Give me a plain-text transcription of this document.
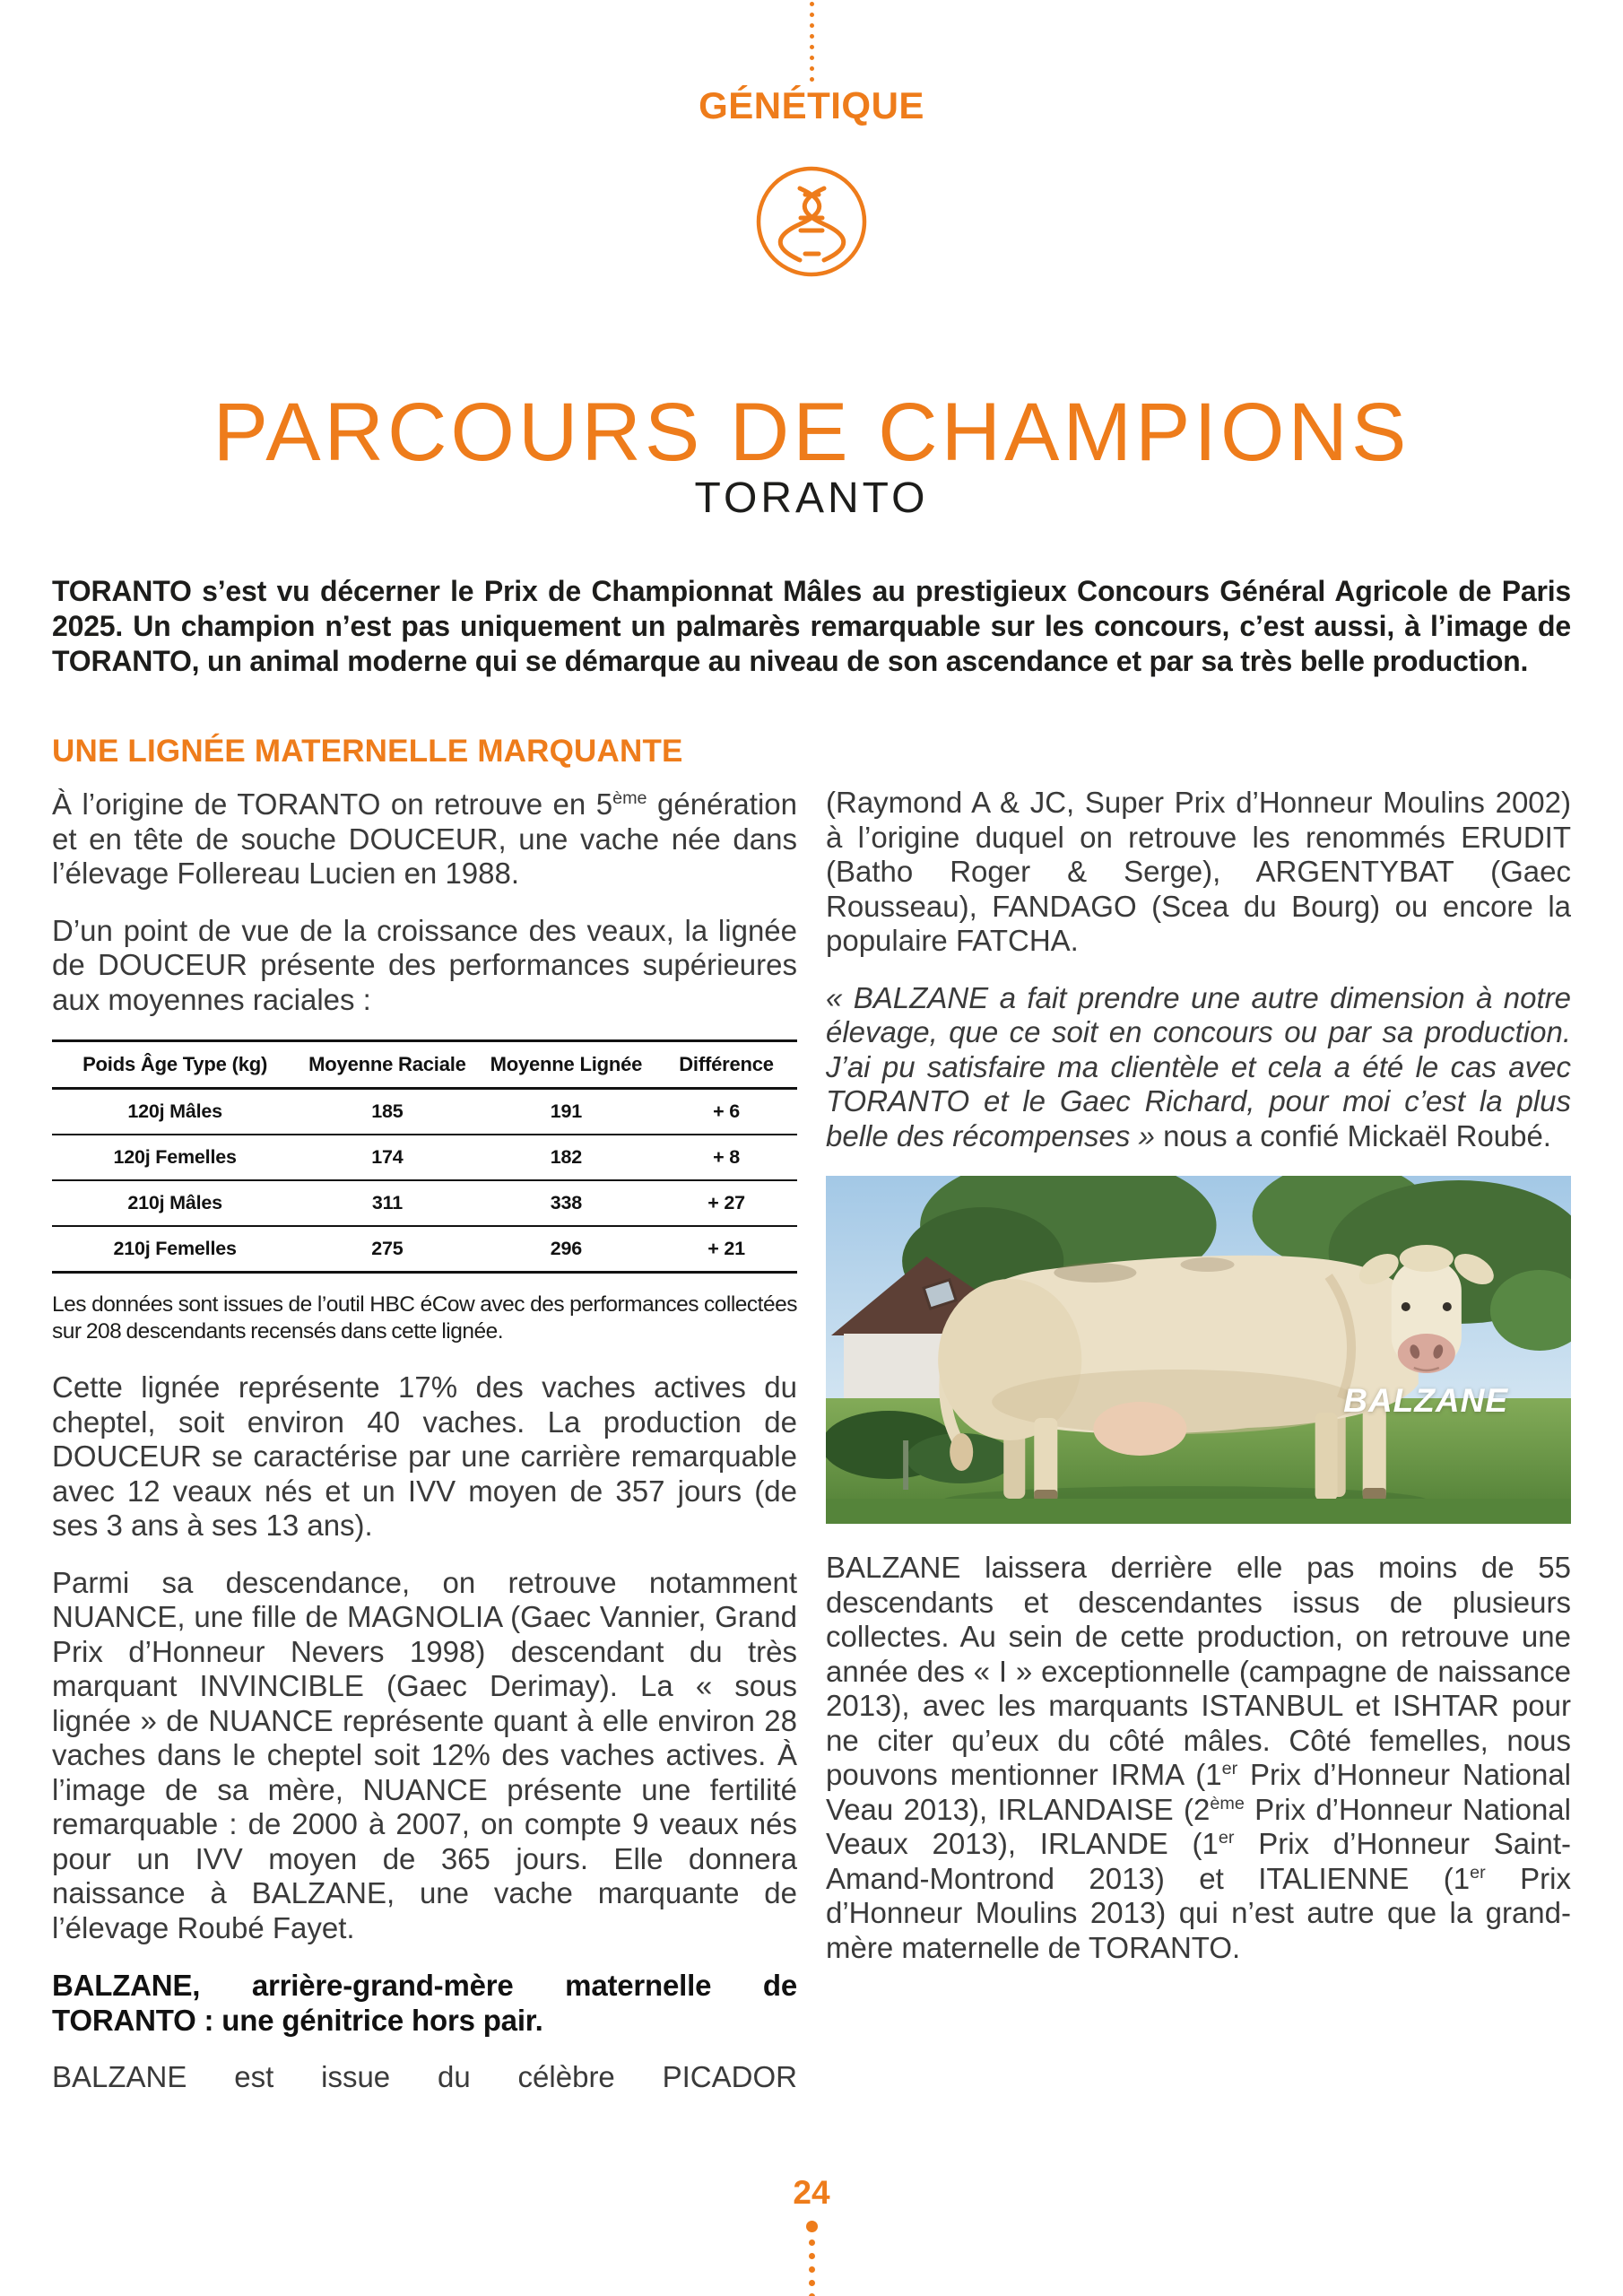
GÉNÉTIQUE
PARCOURS DE CHAMPIONS
TORANTO

TORANTO s’est vu décerner le Prix de Championnat Mâles au prestigieux Concours Général Agricole de Paris 2025. Un champion n’est pas uniquement un palmarès remarquable sur les concours, c’est aussi, à l’image de TORANTO, un animal moderne qui se démarque au niveau de son ascendance et par sa très belle production.

UNE LIGNÉE MATERNELLE MARQUANTE

À l’origine de TORANTO on retrouve en 5ème génération et en tête de souche DOUCEUR, une vache née dans l’élevage Follereau Lucien en 1988.

D’un point de vue de la croissance des veaux, la lignée de DOUCEUR présente des performances supérieures aux moyennes raciales :

Poids Âge Type (kg)	Moyenne Raciale	Moyenne Lignée	Différence
120j Mâles	185	191	+ 6
120j Femelles	174	182	+ 8
210j Mâles	311	338	+ 27
210j Femelles	275	296	+ 21

Les données sont issues de l’outil HBC éCow avec des performances collectées sur 208 descendants recensés dans cette lignée.

Cette lignée représente 17% des vaches actives du cheptel, soit environ 40 vaches. La production de DOUCEUR se caractérise par une carrière remarquable avec 12 veaux nés et un IVV moyen de 357 jours (de ses 3 ans à ses 13 ans).

Parmi sa descendance, on retrouve notamment NUANCE, une fille de MAGNOLIA (Gaec Vannier, Grand Prix d’Honneur Nevers 1998) descendant du très marquant INVINCIBLE (Gaec Derimay). La « sous lignée » de NUANCE représente quant à elle environ 28 vaches dans le cheptel soit 12% des vaches actives. À l’image de sa mère, NUANCE présente une fertilité remarquable : de 2000 à 2007, on compte 9 veaux nés pour un IVV moyen de 365 jours. Elle donnera naissance à BALZANE, une vache marquante de l’élevage Roubé Fayet.

BALZANE, arrière-grand-mère maternelle de TORANTO : une génitrice hors pair.

BALZANE est issue du célèbre PICADOR

(Raymond A & JC, Super Prix d’Honneur Moulins 2002) à l’origine duquel on retrouve les renommés ERUDIT (Batho Roger & Serge), ARGENTYBAT (Gaec Rousseau), FANDAGO (Scea du Bourg) ou encore la populaire FATCHA.

« BALZANE a fait prendre une autre dimension à notre élevage, que ce soit en concours ou par sa production. J’ai pu satisfaire ma clientèle et cela a été le cas avec TORANTO et le Gaec Richard, pour moi c’est la plus belle des récompenses » nous a confié Mickaël Roubé.

BALZANE

BALZANE laissera derrière elle pas moins de 55 descendants et descendantes issus de plusieurs collectes. Au sein de cette production, on retrouve une année des « I » exceptionnelle (campagne de naissance 2013), avec les marquants ISTANBUL et ISHTAR pour ne citer qu’eux du côté mâles. Côté femelles, nous pouvons mentionner IRMA (1er Prix d’Honneur National Veau 2013), IRLANDAISE (2ème Prix d’Honneur National Veaux 2013), IRLANDE (1er Prix d’Honneur Saint-Amand-Montrond 2013) et ITALIENNE (1er Prix d’Honneur Moulins 2013) qui n’est autre que la grand-mère maternelle de TORANTO.

24
